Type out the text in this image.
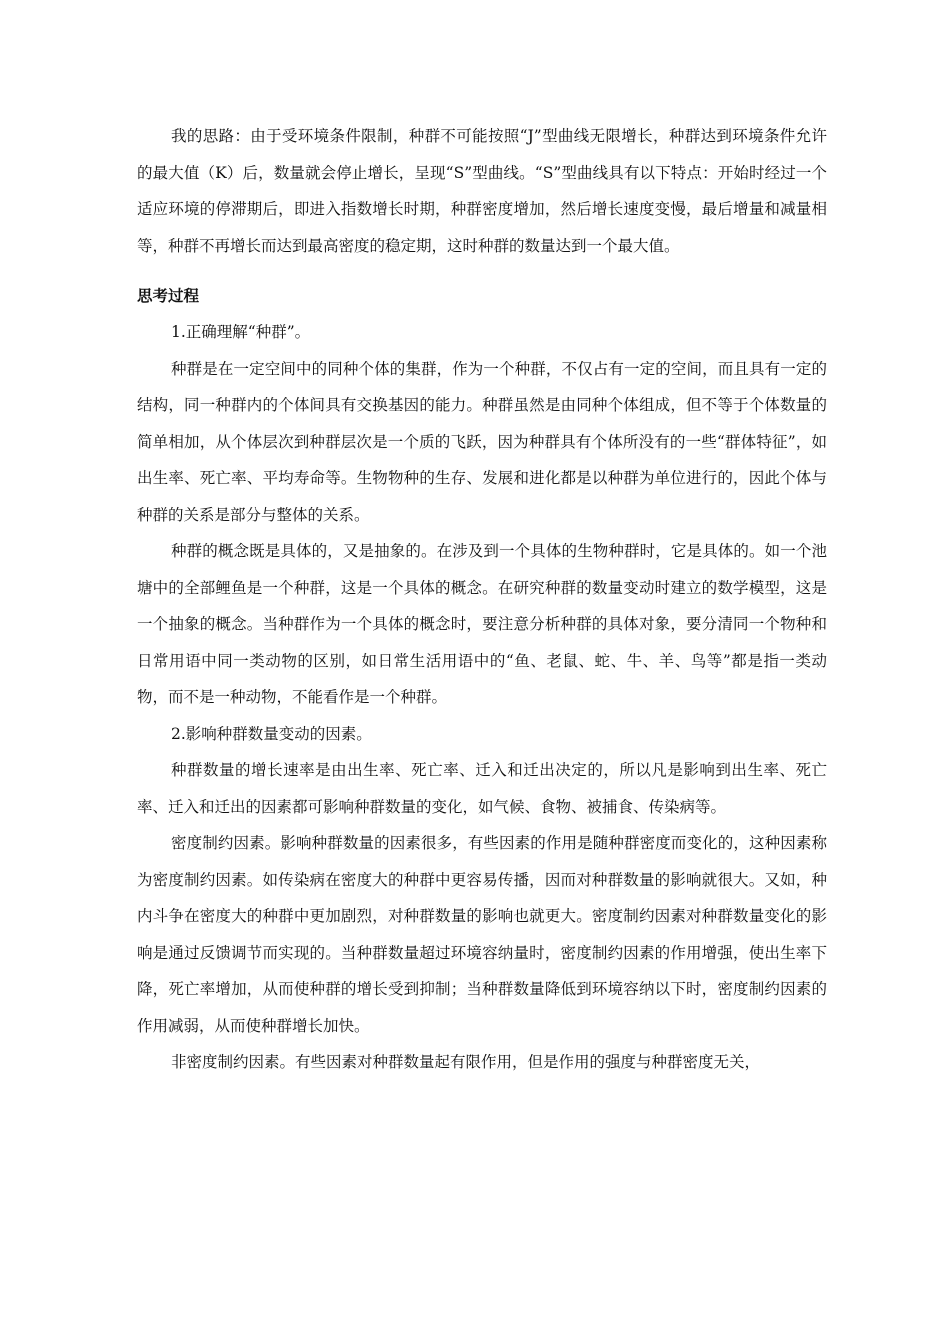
我的思路：由于受环境条件限制，种群不可能按照“J”型曲线无限增长，种群达到环境条件允许的最大值（K）后，数量就会停止增长，呈现“S”型曲线。“S”型曲线具有以下特点：开始时经过一个适应环境的停滞期后，即进入指数增长时期，种群密度增加，然后增长速度变慢，最后增量和减量相等，种群不再增长而达到最高密度的稳定期，这时种群的数量达到一个最大值。

思考过程

1.正确理解“种群”。

种群是在一定空间中的同种个体的集群，作为一个种群，不仅占有一定的空间，而且具有一定的结构，同一种群内的个体间具有交换基因的能力。种群虽然是由同种个体组成，但不等于个体数量的简单相加，从个体层次到种群层次是一个质的飞跃，因为种群具有个体所没有的一些“群体特征”，如出生率、死亡率、平均寿命等。生物物种的生存、发展和进化都是以种群为单位进行的，因此个体与种群的关系是部分与整体的关系。

种群的概念既是具体的，又是抽象的。在涉及到一个具体的生物种群时，它是具体的。如一个池塘中的全部鲤鱼是一个种群，这是一个具体的概念。在研究种群的数量变动时建立的数学模型，这是一个抽象的概念。当种群作为一个具体的概念时，要注意分析种群的具体对象，要分清同一个物种和日常用语中同一类动物的区别，如日常生活用语中的“鱼、老鼠、蛇、牛、羊、鸟等”都是指一类动物，而不是一种动物，不能看作是一个种群。

2.影响种群数量变动的因素。

种群数量的增长速率是由出生率、死亡率、迁入和迁出决定的，所以凡是影响到出生率、死亡率、迁入和迁出的因素都可影响种群数量的变化，如气候、食物、被捕食、传染病等。

密度制约因素。影响种群数量的因素很多，有些因素的作用是随种群密度而变化的，这种因素称为密度制约因素。如传染病在密度大的种群中更容易传播，因而对种群数量的影响就很大。又如，种内斗争在密度大的种群中更加剧烈，对种群数量的影响也就更大。密度制约因素对种群数量变化的影响是通过反馈调节而实现的。当种群数量超过环境容纳量时，密度制约因素的作用增强，使出生率下降，死亡率增加，从而使种群的增长受到抑制；当种群数量降低到环境容纳以下时，密度制约因素的作用减弱，从而使种群增长加快。

非密度制约因素。有些因素对种群数量起有限作用，但是作用的强度与种群密度无关，
